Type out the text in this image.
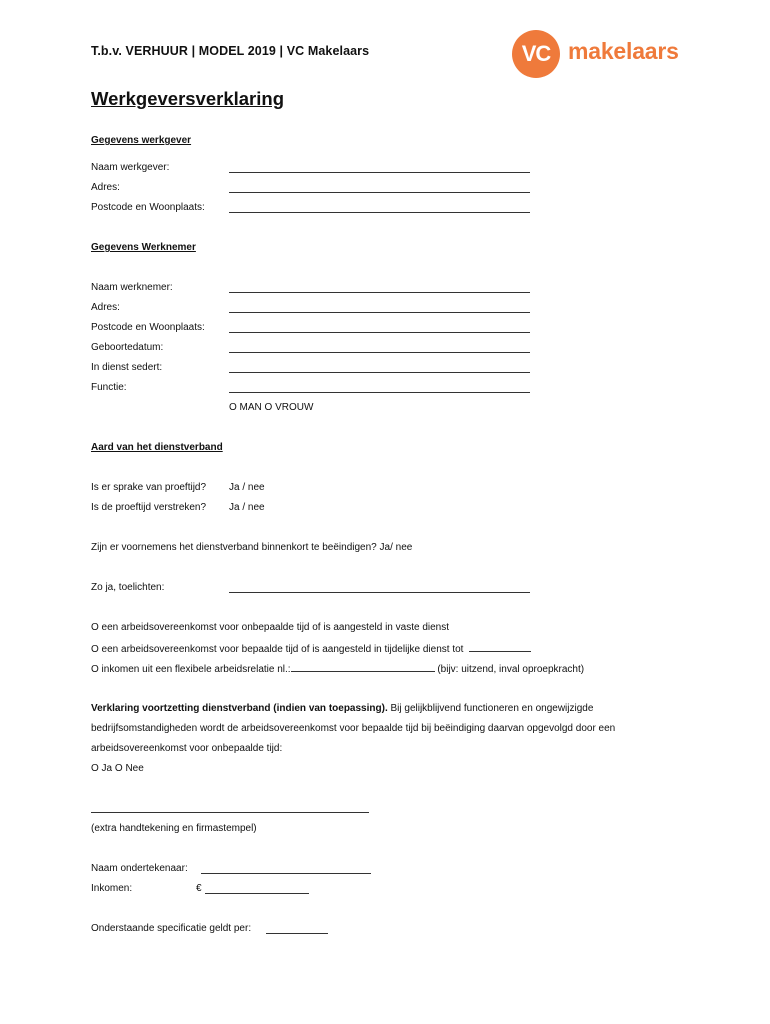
T.b.v. VERHUUR | MODEL 2019 | VC Makelaars	VC makelaars
Werkgeversverklaring
Gegevens werkgever
Naam werkgever:
Adres:
Postcode en Woonplaats:
Gegevens Werknemer
Naam werknemer:
Adres:
Postcode en Woonplaats:
Geboortedatum:
In dienst sedert:
Functie:
O MAN O VROUW
Aard van het dienstverband
Is er sprake van proeftijd? Ja / nee
Is de proeftijd verstreken? Ja / nee
Zijn er voornemens het dienstverband binnenkort te beëindigen? Ja/ nee
Zo ja, toelichten:
O een arbeidsovereenkomst voor onbepaalde tijd of is aangesteld in vaste dienst
O een arbeidsovereenkomst voor bepaalde tijd of is aangesteld in tijdelijke dienst tot
O inkomen uit een flexibele arbeidsrelatie nl.:	(bijv: uitzend, inval oproepkracht)
Verklaring voortzetting dienstverband (indien van toepassing). Bij gelijkblijvend functioneren en ongewijzigde
bedrijfsomstandigheden wordt de arbeidsovereenkomst voor bepaalde tijd bij beëindiging daarvan opgevolgd door een
arbeidsovereenkomst voor onbepaalde tijd:
O Ja O Nee
(extra handtekening en firmastempel)
Naam ondertekenaar:
Inkomen:	€
Onderstaande specificatie geldt per:
